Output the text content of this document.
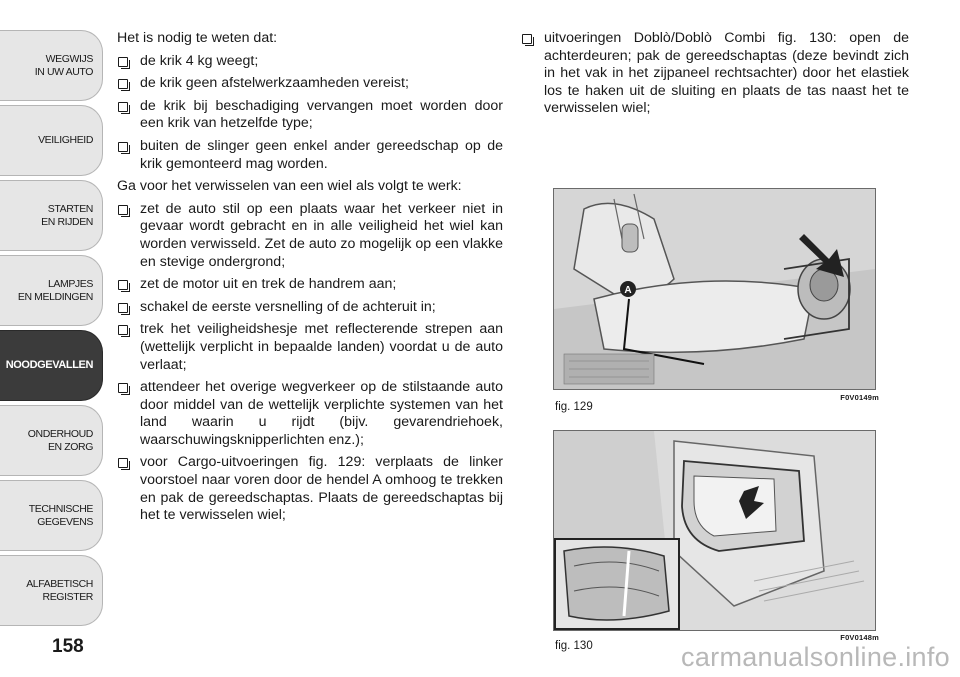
WEGWIJS
IN UW AUTO
VEILIGHEID
STARTEN
EN RIJDEN
LAMPJES
EN MELDINGEN
NOODGEVALLEN
ONDERHOUD
EN ZORG
TECHNISCHE
GEGEVENS
ALFABETISCH
REGISTER
158

Het is nodig te weten dat:

de krik 4 kg weegt;
de krik geen afstelwerkzaamheden vereist;
de krik bij beschadiging vervangen moet worden door een krik van hetzelfde type;
buiten de slinger geen enkel ander gereedschap op de krik gemonteerd mag worden.

Ga voor het verwisselen van een wiel als volgt te werk:

zet de auto stil op een plaats waar het verkeer niet in gevaar wordt gebracht en in alle veiligheid het wiel kan worden verwisseld. Zet de auto zo mogelijk op een vlakke en stevige ondergrond;
zet de motor uit en trek de handrem aan;
schakel de eerste versnelling of de achteruit in;
trek het veiligheidshesje met reflecterende strepen aan (wettelijk verplicht in bepaalde landen) voordat u de auto verlaat;
attendeer het overige wegverkeer op de stilstaande auto door middel van de wettelijk verplichte systemen van het land waarin u rijdt (bijv. gevarendriehoek, waarschuwingsknipperlichten enz.);
voor Cargo-uitvoeringen fig. 129: verplaats de linker voorstoel naar voren door de hendel A omhoog te trekken en pak de gereedschaptas. Plaats de gereedschaptas bij het te verwisselen wiel;
uitvoeringen Doblò/Doblò Combi fig. 130: open de achterdeuren; pak de gereedschaptas (deze bevindt zich in het vak in het zijpaneel rechtsachter) door het elastiek los te haken uit de sluiting en plaats de tas naast het te verwisselen wiel;
A
fig. 129
F0V0149m
fig. 130
F0V0148m
carmanualsonline.info
